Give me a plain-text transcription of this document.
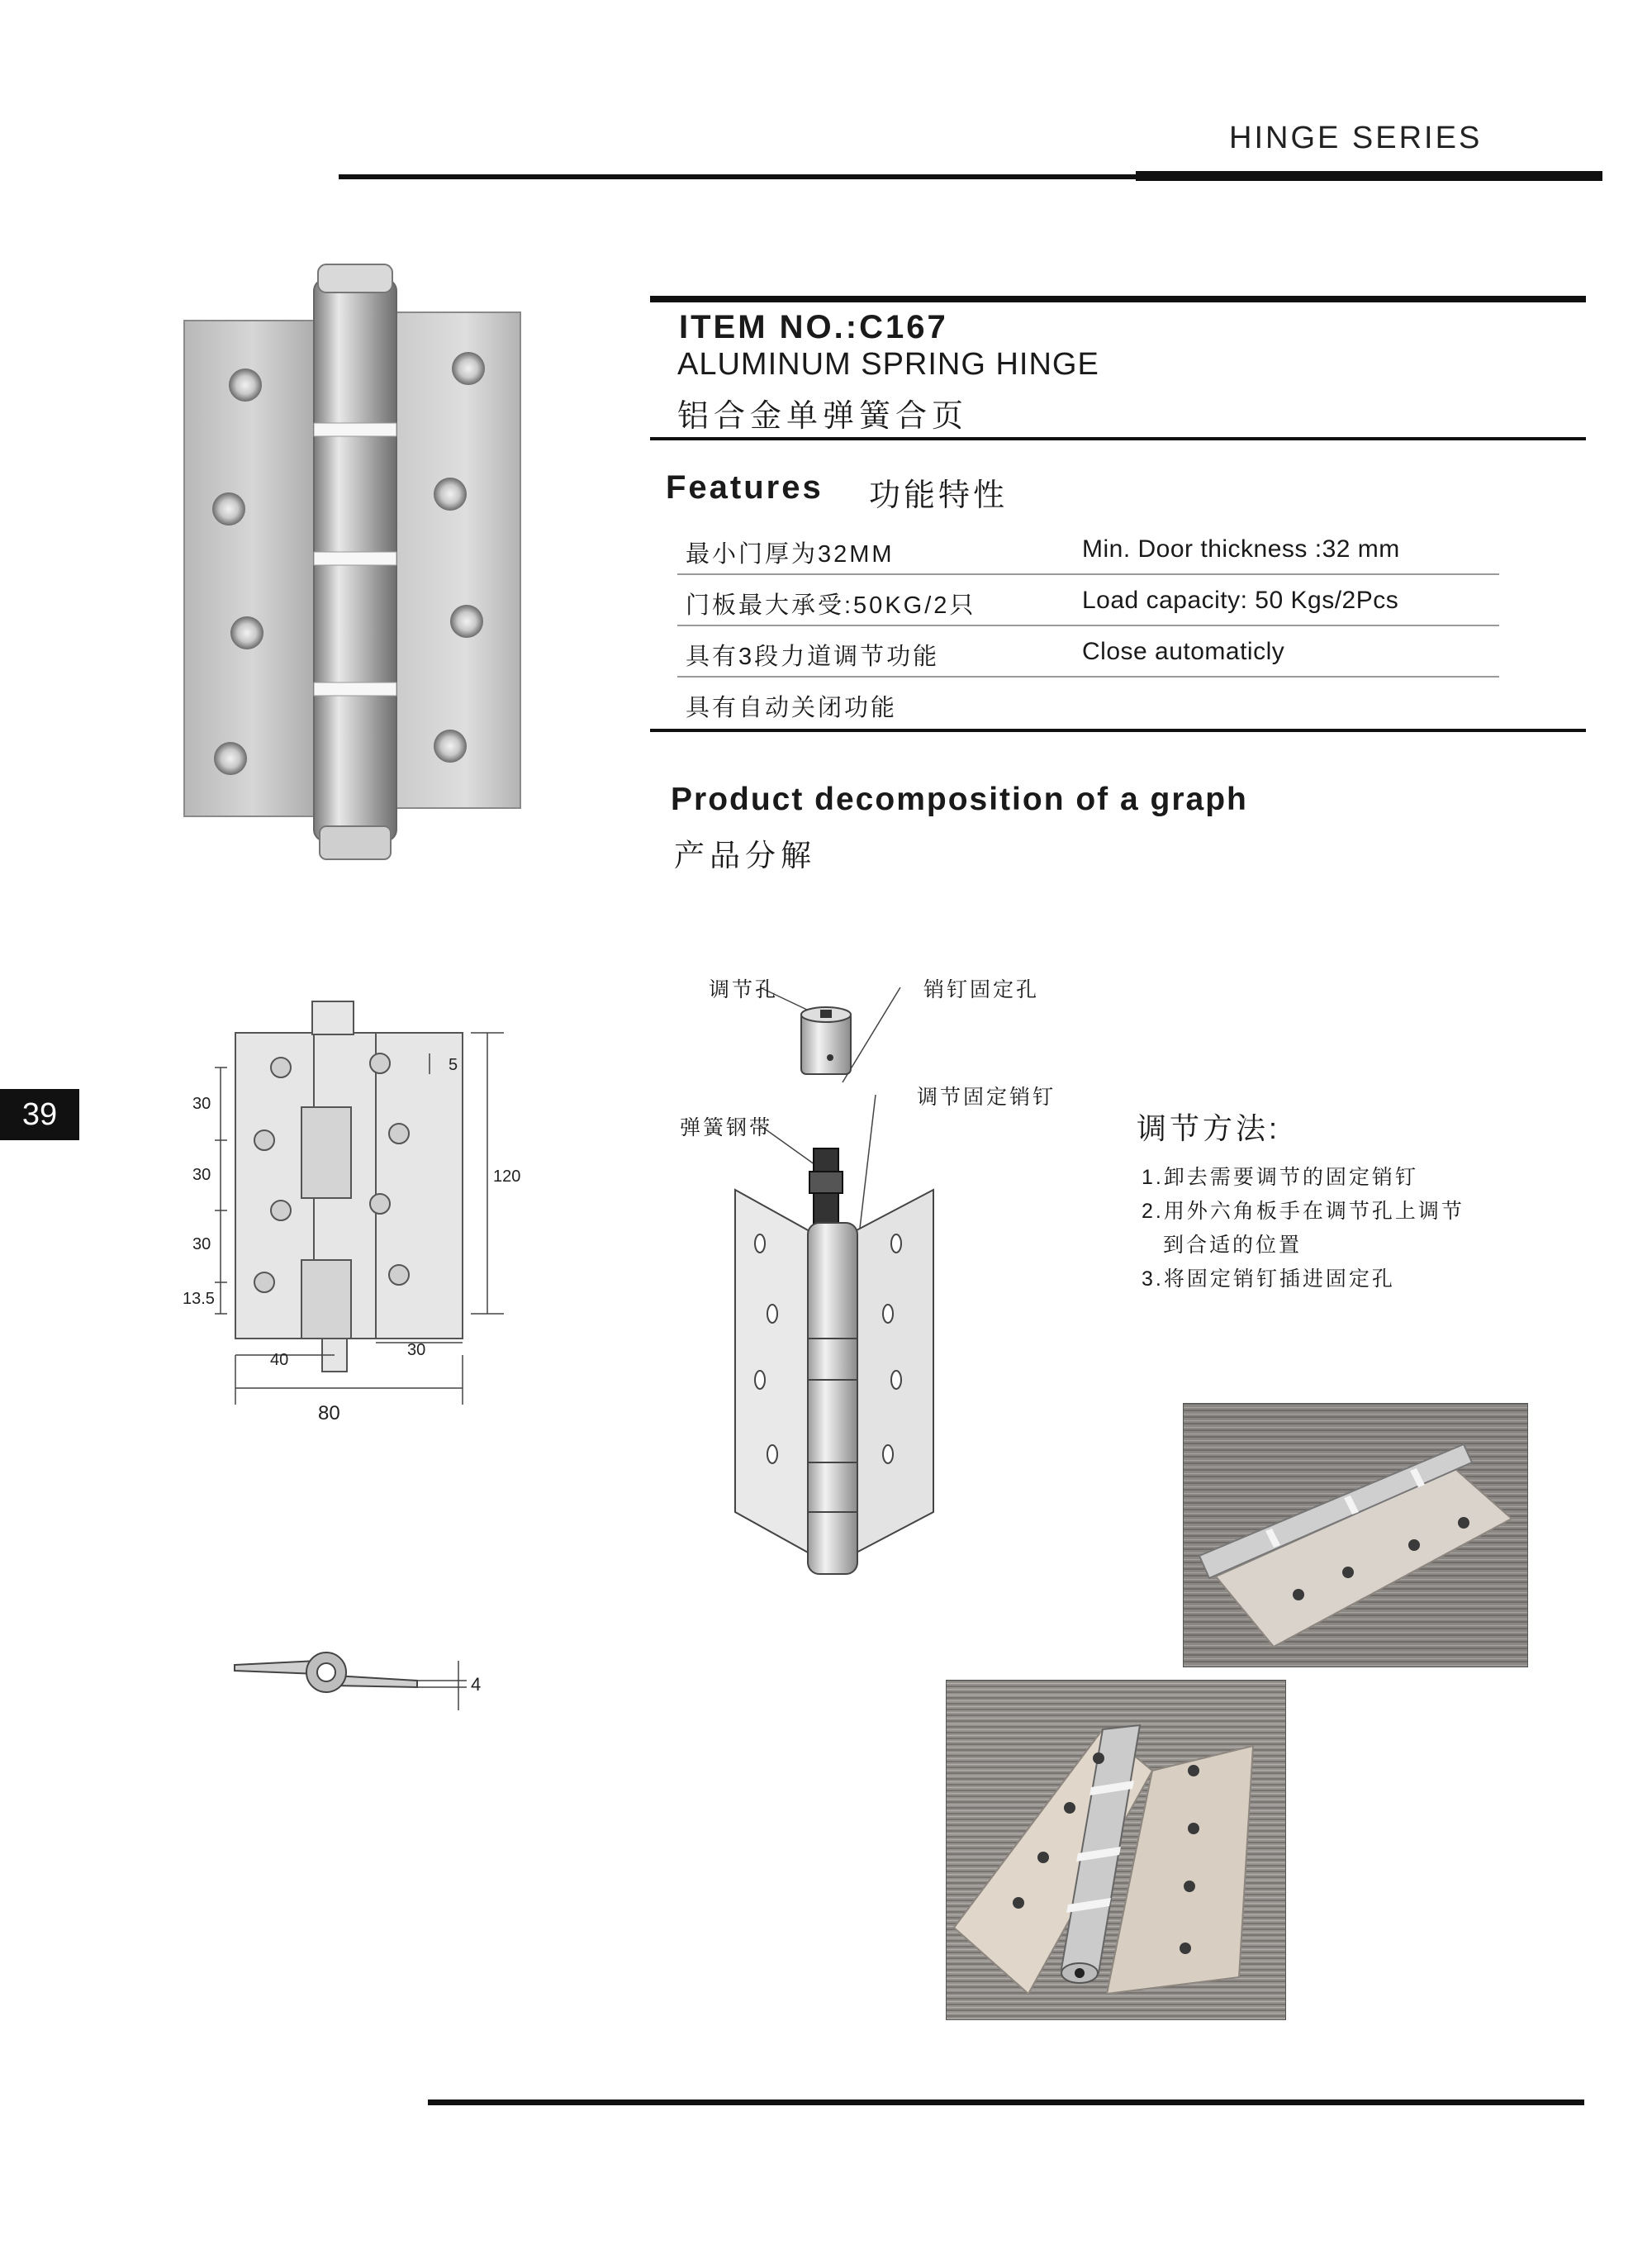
HINGE SERIES
39
ITEM NO.:C167
ALUMINUM SPRING HINGE
铝合金单弹簧合页
Features 功能特性
最小门厚为32MM	Min. Door thickness :32 mm
门板最大承受:50KG/2只	Load capacity: 50 Kgs/2Pcs
具有3段力道调节功能	Close automaticly
具有自动关闭功能
Product decomposition of a graph
产品分解
30
30
30
13.5
5
120
40
30
80
4
调节孔	销钉固定孔
调节固定销钉
弹簧钢带	调节方法:
1.卸去需要调节的固定销钉
2.用外六角板手在调节孔上调节
到合适的位置
3.将固定销钉插进固定孔
